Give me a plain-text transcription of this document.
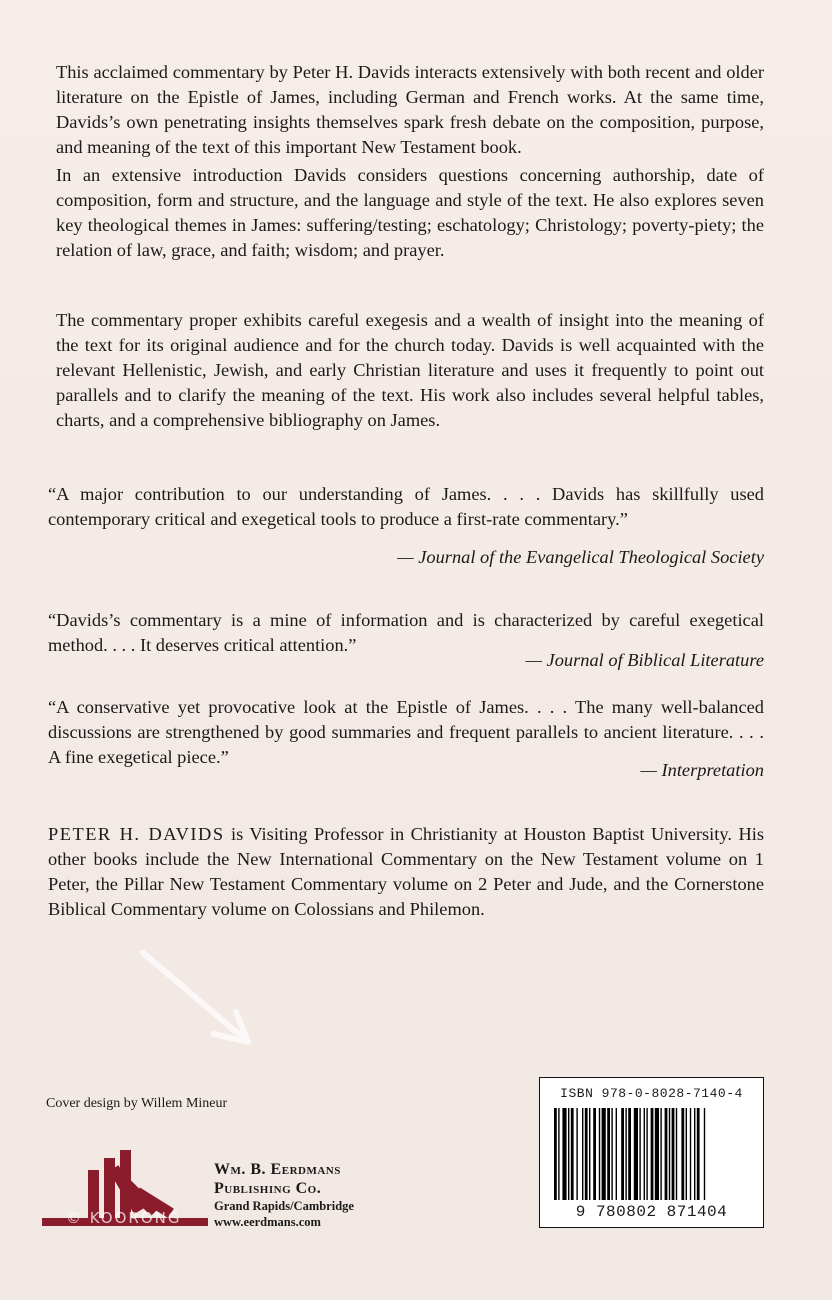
This acclaimed commentary by Peter H. Davids interacts extensively with both recent and older literature on the Epistle of James, including German and French works. At the same time, Davids’s own penetrating insights themselves spark fresh debate on the composition, purpose, and meaning of the text of this important New Testament book.

In an extensive introduction Davids considers questions concerning authorship, date of composition, form and structure, and the language and style of the text. He also explores seven key theological themes in James: suffering/testing; eschatology; Christology; poverty-piety; the relation of law, grace, and faith; wisdom; and prayer.

The commentary proper exhibits careful exegesis and a wealth of insight into the meaning of the text for its original audience and for the church today. Davids is well acquainted with the relevant Hellenistic, Jewish, and early Christian literature and uses it frequently to point out parallels and to clarify the meaning of the text. His work also includes several helpful tables, charts, and a comprehensive bibliography on James.

“A major contribution to our understanding of James. . . . Davids has skillfully used contemporary critical and exegetical tools to produce a first-rate commentary.”

— Journal of the Evangelical Theological Society

“Davids’s commentary is a mine of information and is characterized by careful exegetical method. . . . It deserves critical attention.”

— Journal of Biblical Literature

“A conservative yet provocative look at the Epistle of James. . . . The many well-balanced discussions are strengthened by good summaries and frequent parallels to ancient literature. . . . A fine exegetical piece.”

— Interpretation

PETER H. DAVIDS is Visiting Professor in Christianity at Houston Baptist University. His other books include the New International Commentary on the New Testament volume on 1 Peter, the Pillar New Testament Commentary volume on 2 Peter and Jude, and the Cornerstone Biblical Commentary volume on Colossians and Philemon.

Cover design by Willem Mineur
Wm. B. Eerdmans
Publishing Co.
Grand Rapids/Cambridge
www.eerdmans.com
ISBN 978-0-8028-7140-4
9 780802 871404
© KOORONG
